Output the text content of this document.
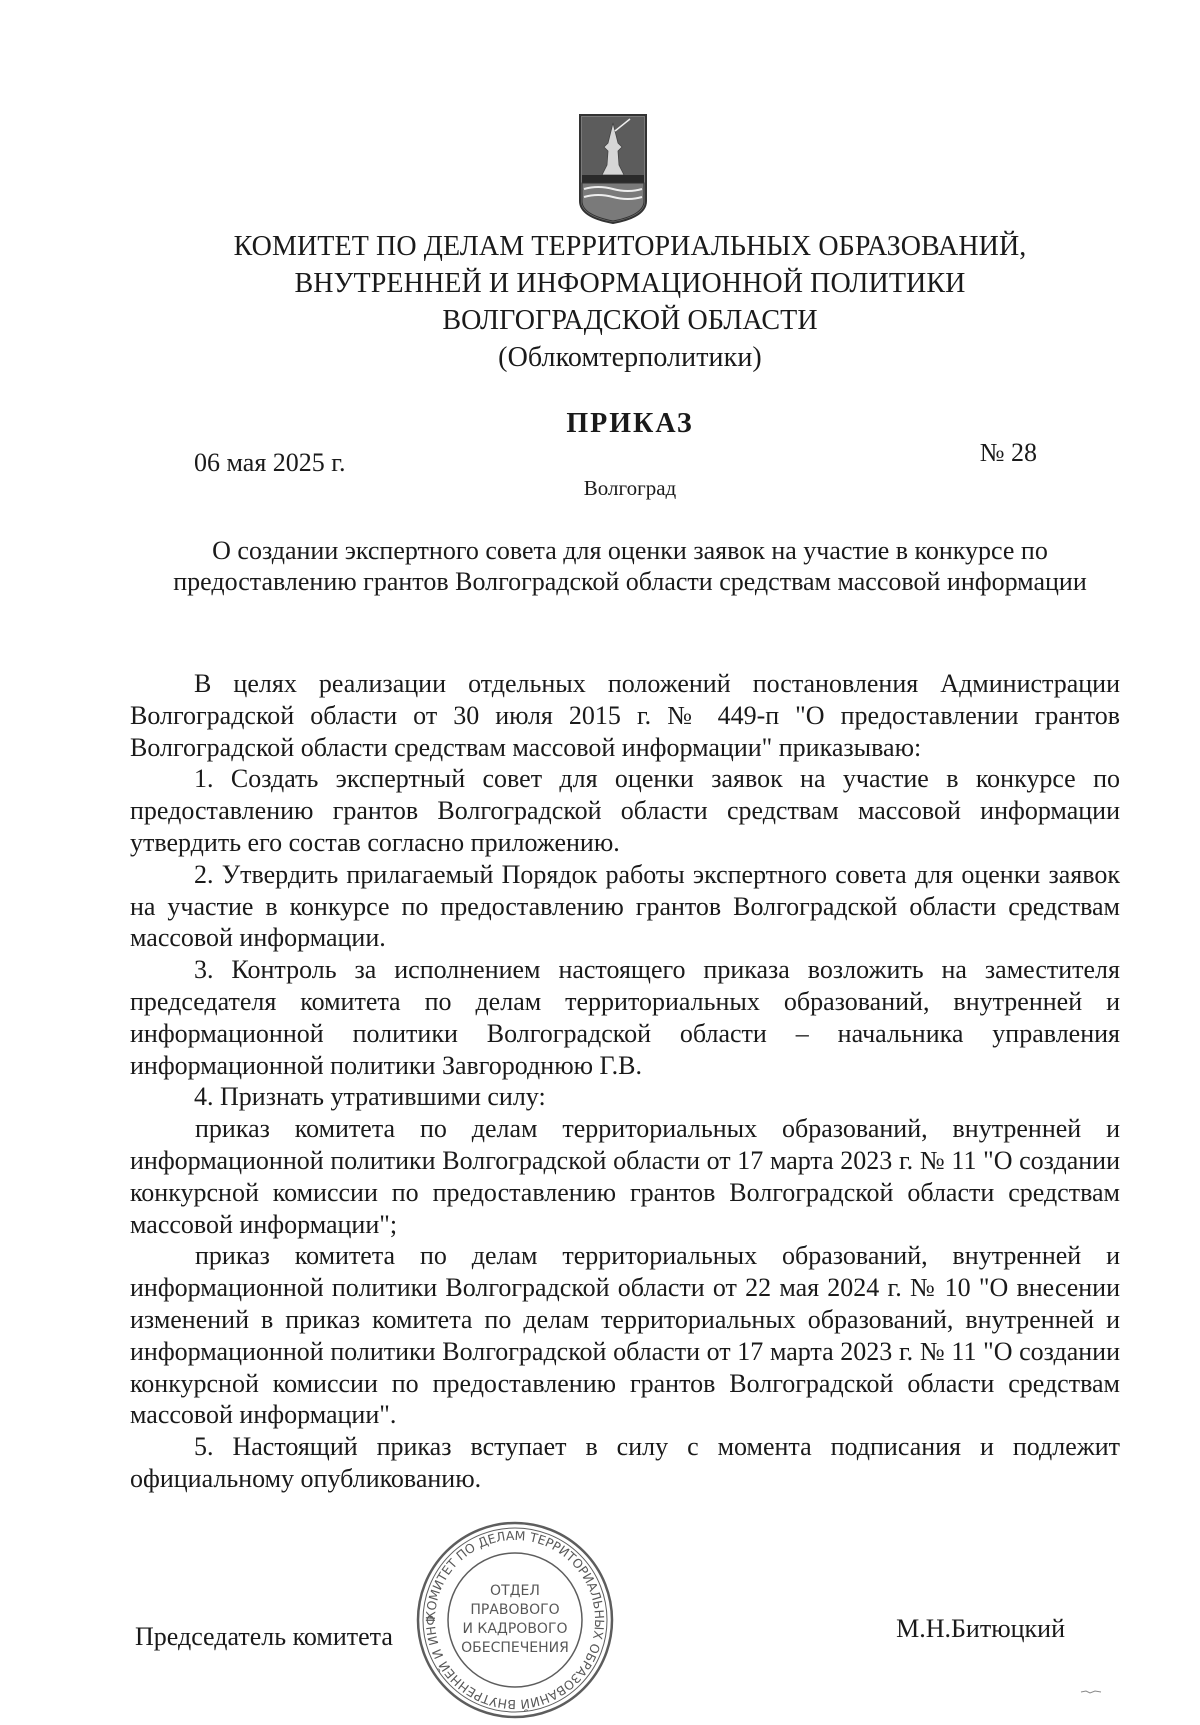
КОМИТЕТ ПО ДЕЛАМ ТЕРРИТОРИАЛЬНЫХ ОБРАЗОВАНИЙ,
ВНУТРЕННЕЙ И ИНФОРМАЦИОННОЙ ПОЛИТИКИ
ВОЛГОГРАДСКОЙ ОБЛАСТИ
(Облкомтерполитики)
ПРИКАЗ
06 мая 2025 г.	№ 28
Волгоград
О создании экспертного совета для оценки заявок на участие в конкурсе по предоставлению грантов Волгоградской области средствам массовой информации

В целях реализации отдельных положений постановления Администрации Волгоградской области от 30 июля 2015 г. № 449-п "О предоставлении грантов Волгоградской области средствам массовой информации" приказываю:

1. Создать экспертный совет для оценки заявок на участие в конкурсе по предоставлению грантов Волгоградской области средствам массовой информации утвердить его состав согласно приложению.

2. Утвердить прилагаемый Порядок работы экспертного совета для оценки заявок на участие в конкурсе по предоставлению грантов Волгоградской области средствам массовой информации.

3. Контроль за исполнением настоящего приказа возложить на заместителя председателя комитета по делам территориальных образований, внутренней и информационной политики Волгоградской области – начальника управления информационной политики Завгороднюю Г.В.

4. Признать утратившими силу:

приказ комитета по делам территориальных образований, внутренней и информационной политики Волгоградской области от 17 марта 2023 г. № 11 "О создании конкурсной комиссии по предоставлению грантов Волгоградской области средствам массовой информации";

приказ комитета по делам территориальных образований, внутренней и информационной политики Волгоградской области от 22 мая 2024 г. № 10 "О внесении изменений в приказ комитета по делам территориальных образований, внутренней и информационной политики Волгоградской области от 17 марта 2023 г. № 11 "О создании конкурсной комиссии по предоставлению грантов Волгоградской области средствам массовой информации".

5. Настоящий приказ вступает в силу с момента подписания и подлежит официальному опубликованию.

Председатель комитета	М.Н.Битюцкий
КОМИТЕТ ПО ДЕЛАМ ТЕРРИТОРИАЛЬНЫХ ОБРАЗОВАНИЙ ВНУТРЕННЕЙ И ИНФ
ОТДЕЛ
ПРАВОВОГО
И КАДРОВОГО
ОБЕСПЕЧЕНИЯ
